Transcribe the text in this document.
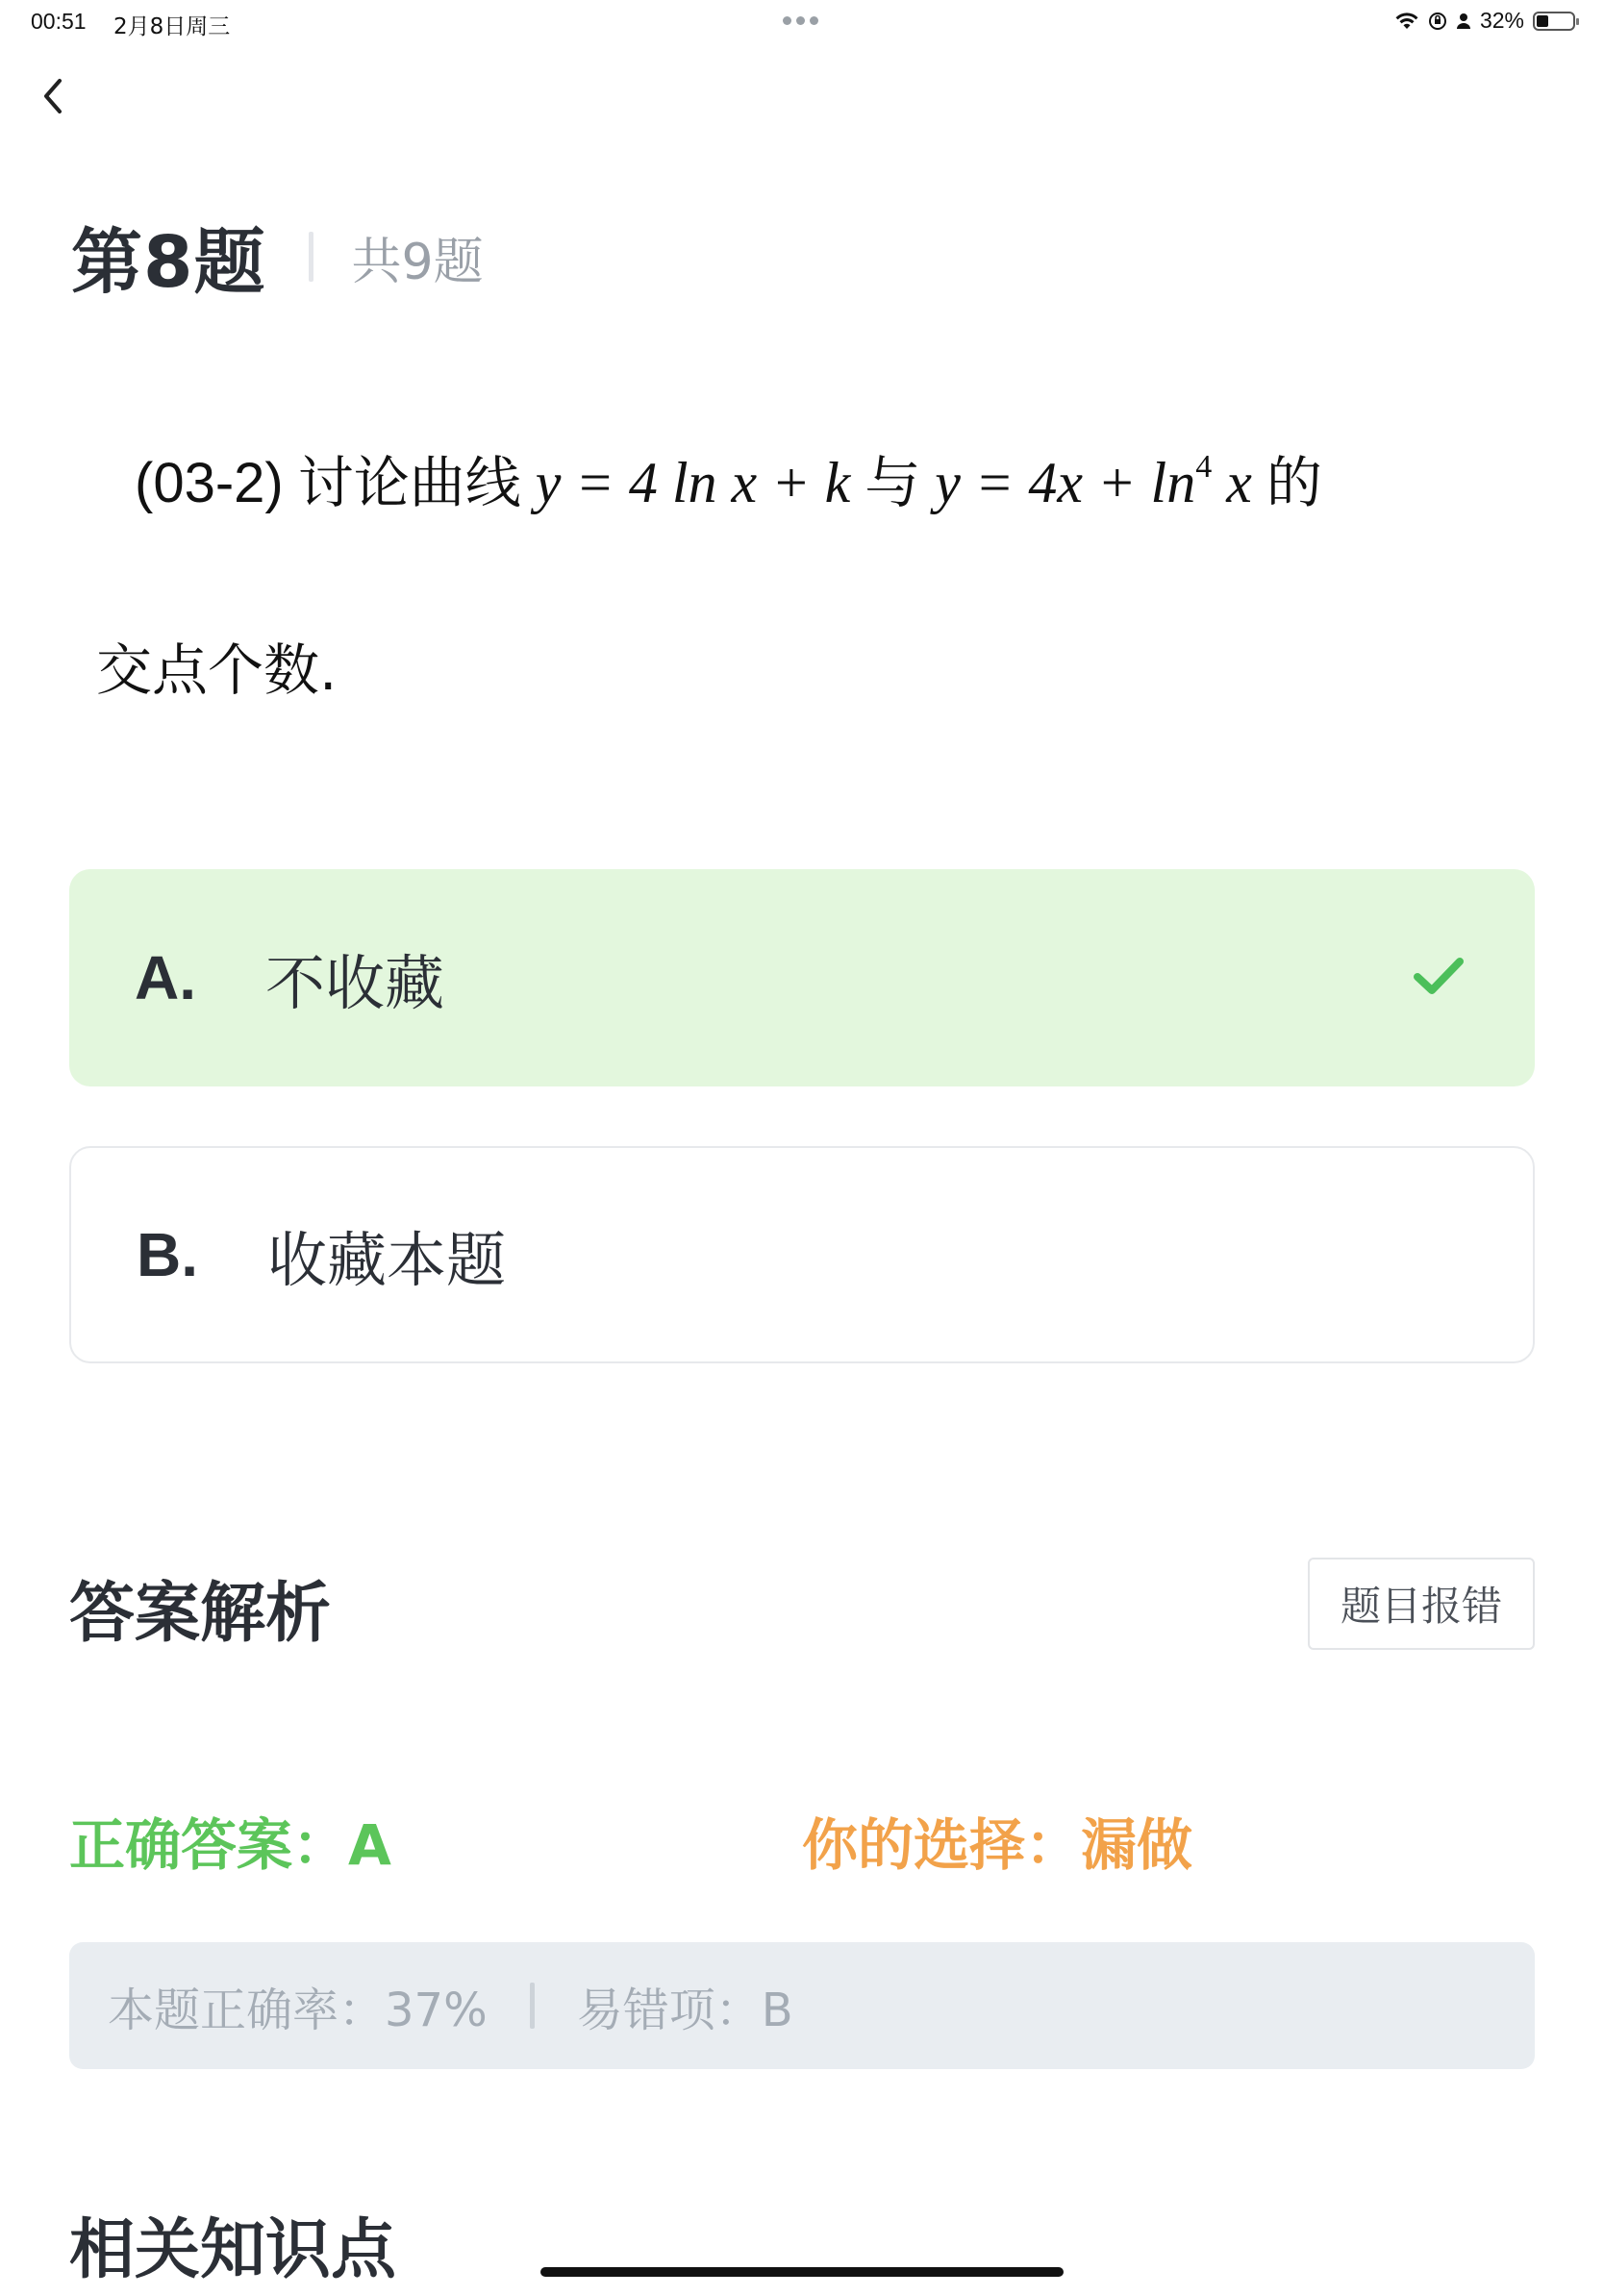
00:51 2月8日周三	32%
第8题 共9题
(03-2) 讨论曲线 y = 4 ln x + k 与 $y = 4x + \ln^4 x$ 的
交点个数.
A. 不收藏
B. 收藏本题
答案解析	题目报错
正确答案：A	你的选择：漏做
本题正确率：37% 易错项：B
相关知识点
